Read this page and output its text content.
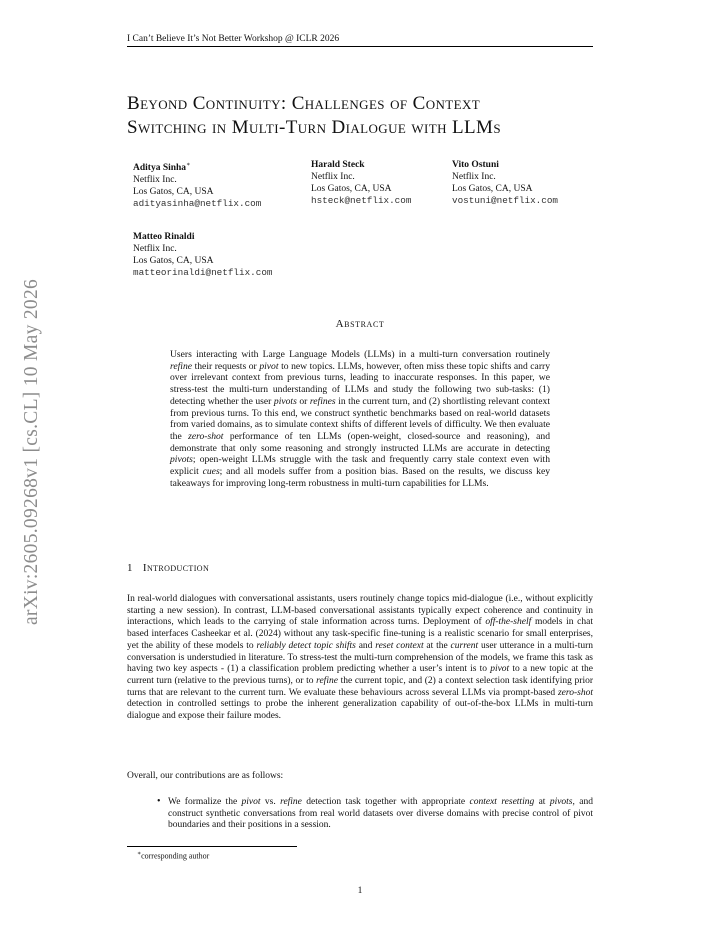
arXiv:2605.09268v1 [cs.CL] 10 May 2026
I Can’t Believe It’s Not Better Workshop @ ICLR 2026
Beyond Continuity: Challenges of Context
Switching in Multi-Turn Dialogue with LLMs
Aditya Sinha∗
Netflix Inc.
Los Gatos, CA, USA
adityasinha@netflix.com
Harald Steck
Netflix Inc.
Los Gatos, CA, USA
hsteck@netflix.com
Vito Ostuni
Netflix Inc.
Los Gatos, CA, USA
vostuni@netflix.com
Matteo Rinaldi
Netflix Inc.
Los Gatos, CA, USA
matteorinaldi@netflix.com
Abstract

Users interacting with Large Language Models (LLMs) in a multi-turn conversation routinely refine their requests or pivot to new topics. LLMs, however, often miss these topic shifts and carry over irrelevant context from previous turns, leading to inaccurate responses. In this paper, we stress-test the multi-turn understanding of LLMs and study the following two sub-tasks: (1) detecting whether the user pivots or refines in the current turn, and (2) shortlisting relevant context from previous turns. To this end, we construct synthetic benchmarks based on real-world datasets from varied domains, as to simulate context shifts of different levels of difficulty. We then evaluate the zero-shot performance of ten LLMs (open-weight, closed-source and reasoning), and demonstrate that only some reasoning and strongly instructed LLMs are accurate in detecting pivots; open-weight LLMs struggle with the task and frequently carry stale context even with explicit cues; and all models suffer from a position bias. Based on the results, we discuss key takeaways for improving long-term robustness in multi-turn capabilities for LLMs.

1 Introduction

In real-world dialogues with conversational assistants, users routinely change topics mid-dialogue (i.e., without explicitly starting a new session). In contrast, LLM-based conversational assistants typically expect coherence and continuity in interactions, which leads to the carrying of stale information across turns. Deployment of off-the-shelf models in chat based interfaces Casheekar et al. (2024) without any task-specific fine-tuning is a realistic scenario for small enterprises, yet the ability of these models to reliably detect topic shifts and reset context at the current user utterance in a multi-turn conversation is understudied in literature. To stress-test the multi-turn comprehension of the models, we frame this task as having two key aspects - (1) a classification problem predicting whether a user’s intent is to pivot to a new topic at the current turn (relative to the previous turns), or to refine the current topic, and (2) a context selection task identifying prior turns that are relevant to the current turn. We evaluate these behaviours across several LLMs via prompt-based zero-shot detection in controlled settings to probe the inherent generalization capability of out-of-the-box LLMs in multi-turn dialogue and expose their failure modes.

Overall, our contributions are as follows:

• We formalize the pivot vs. refine detection task together with appropriate context resetting at pivots, and construct synthetic conversations from real world datasets over diverse domains with precise control of pivot boundaries and their positions in a session.

∗corresponding author
1
